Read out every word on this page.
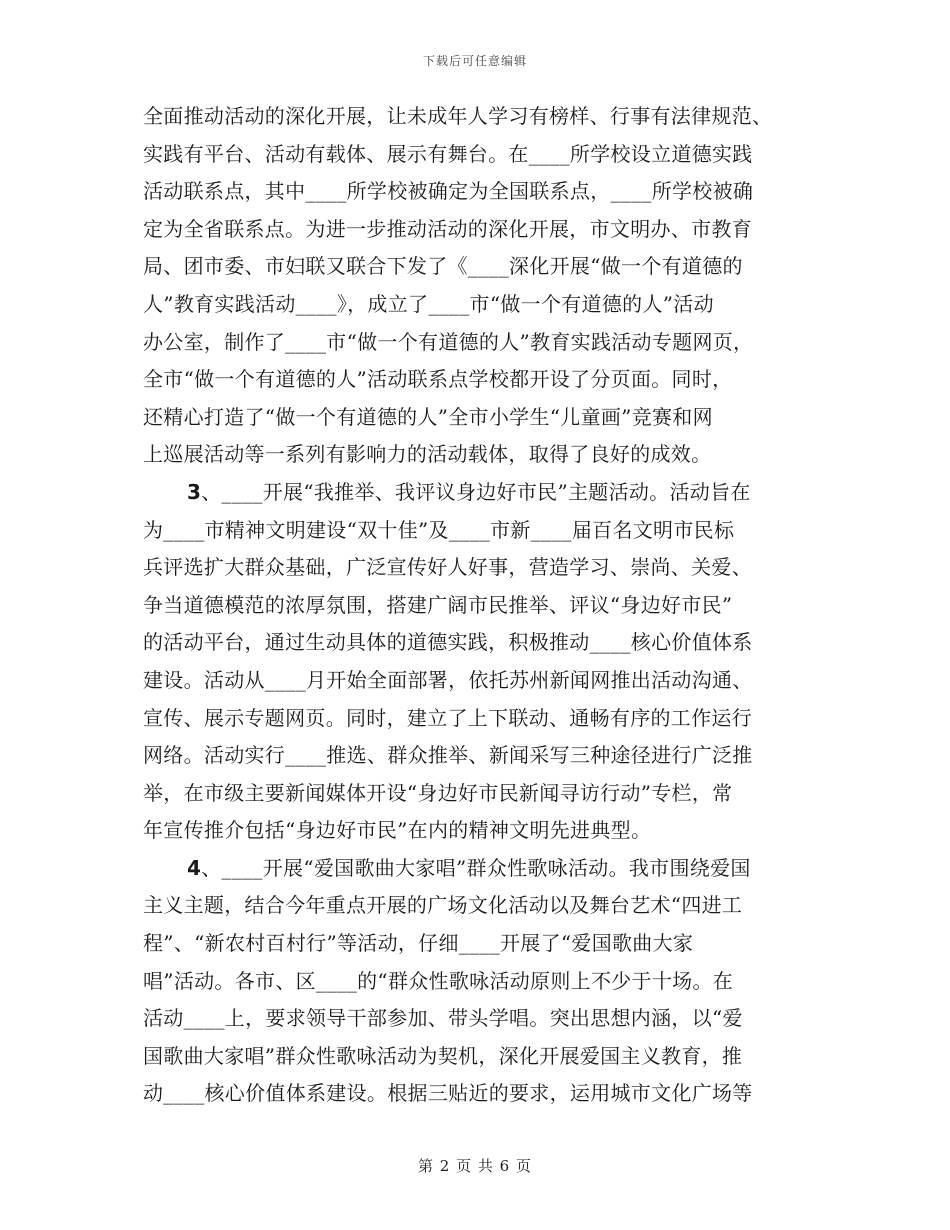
下载后可任意编辑
全面推动活动的深化开展，让未成年人学习有榜样、行事有法律规范、
实践有平台、活动有载体、展示有舞台。在____所学校设立道德实践
活动联系点，其中____所学校被确定为全国联系点，____所学校被确
定为全省联系点。为进一步推动活动的深化开展，市文明办、市教育
局、团市委、市妇联又联合下发了《____深化开展“做一个有道德的
人”教育实践活动____》，成立了____市“做一个有道德的人”活动
办公室，制作了____市“做一个有道德的人”教育实践活动专题网页，
全市“做一个有道德的人”活动联系点学校都开设了分页面。同时，
还精心打造了“做一个有道德的人”全市小学生“儿童画”竞赛和网
上巡展活动等一系列有影响力的活动载体，取得了良好的成效。
3、____开展“我推举、我评议身边好市民”主题活动。活动旨在
为____市精神文明建设“双十佳”及____市新____届百名文明市民标
兵评选扩大群众基础，广泛宣传好人好事，营造学习、崇尚、关爱、
争当道德模范的浓厚氛围，搭建广阔市民推举、评议“身边好市民”
的活动平台，通过生动具体的道德实践，积极推动____核心价值体系
建设。活动从____月开始全面部署，依托苏州新闻网推出活动沟通、
宣传、展示专题网页。同时，建立了上下联动、通畅有序的工作运行
网络。活动实行____推选、群众推举、新闻采写三种途径进行广泛推
举，在市级主要新闻媒体开设“身边好市民新闻寻访行动”专栏，常
年宣传推介包括“身边好市民”在内的精神文明先进典型。
4、____开展“爱国歌曲大家唱”群众性歌咏活动。我市围绕爱国
主义主题，结合今年重点开展的广场文化活动以及舞台艺术“四进工
程”、“新农村百村行”等活动，仔细____开展了“爱国歌曲大家
唱”活动。各市、区____的“群众性歌咏活动原则上不少于十场。在
活动____上，要求领导干部参加、带头学唱。突出思想内涵，以“爱
国歌曲大家唱”群众性歌咏活动为契机，深化开展爱国主义教育，推
动____核心价值体系建设。根据三贴近的要求，运用城市文化广场等
第 2 页 共 6 页
